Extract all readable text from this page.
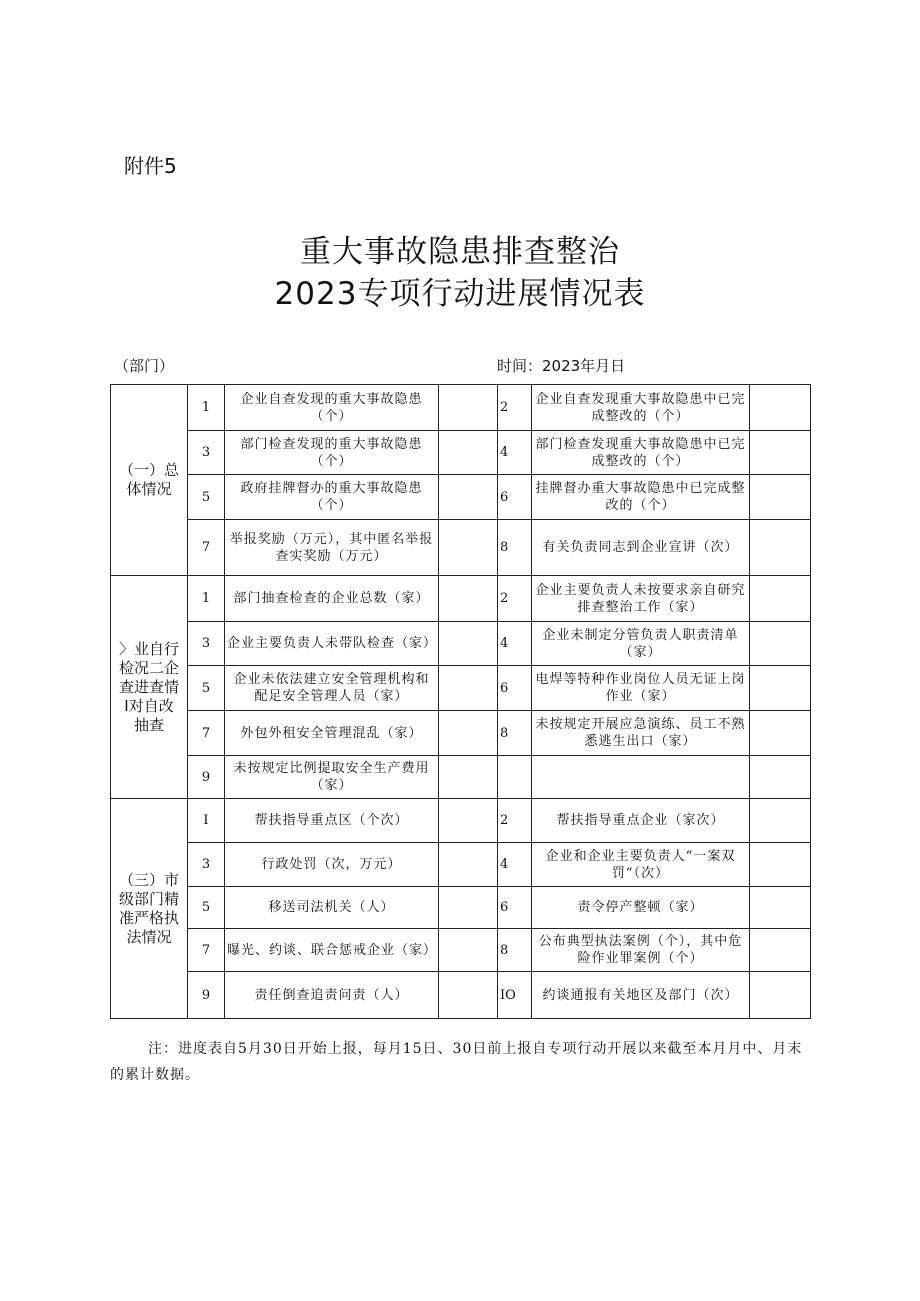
附件5
重大事故隐患排查整治
2023专项行动进展情况表
（部门）	时间：2023年月日
（一）总体情况	1	企业自查发现的重大事故隐患（个）		2	企业自查发现重大事故隐患中已完成整改的（个）	
	3	部门检查发现的重大事故隐患（个）		4	部门检查发现重大事故隐患中已完成整改的（个）	
	5	政府挂牌督办的重大事故隐患（个）		6	挂牌督办重大事故隐患中已完成整改的（个）	
	7	举报奖励（万元），其中匿名举报查实奖励（万元）		8	有关负责同志到企业宣讲（次）	

〉业自行检况二企查进查情 I对自改抽查	1	部门抽查检查的企业总数（家）		2	企业主要负责人未按要求亲自研究排查整治工作（家）	
	3	企业主要负责人未带队检查（家）		4	企业未制定分管负责人职责清单（家）	
	5	企业未依法建立安全管理机构和配足安全管理人员（家）		6	电焊等特种作业岗位人员无证上岗作业（家）	
	7	外包外租安全管理混乱（家）		8	未按规定开展应急演练、员工不熟悉逃生出口（家）	
	9	未按规定比例提取安全生产费用（家）				

（三）市级部门精准严格执法情况	I	帮扶指导重点区（个次）		2	帮扶指导重点企业（家次）	
	3	行政处罚（次，万元）		4	企业和企业主要负责人“一案双罚”（次）	
	5	移送司法机关（人）		6	责令停产整顿（家）	
	7	曝光、约谈、联合惩戒企业（家）		8	公布典型执法案例（个），其中危险作业罪案例（个）	
	9	责任倒查追责问责（人）		IO	约谈通报有关地区及部门（次）	
注：进度表自5月30日开始上报，每月15日、30日前上报自专项行动开展以来截至本月月中、月末的累计数据。
